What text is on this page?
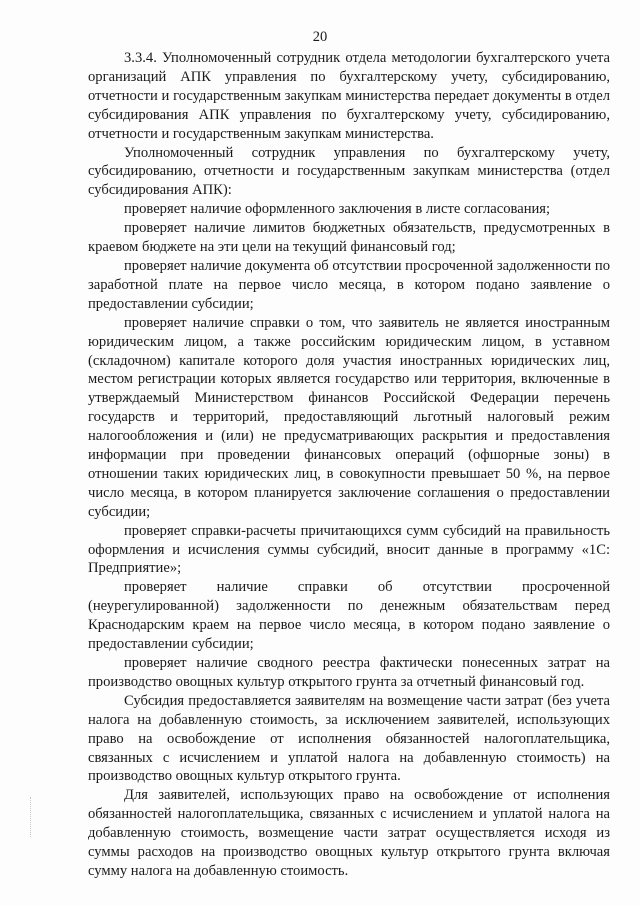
20

3.3.4. Уполномоченный сотрудник отдела методологии бухгалтерского учета организаций АПК управления по бухгалтерскому учету, субсидированию, отчетности и государственным закупкам министерства передает документы в отдел субсидирования АПК управления по бухгалтерскому учету, субсидированию, отчетности и государственным закупкам министерства.

Уполномоченный сотрудник управления по бухгалтерскому учету, субсидированию, отчетности и государственным закупкам министерства (отдел субсидирования АПК):

проверяет наличие оформленного заключения в листе согласования;

проверяет наличие лимитов бюджетных обязательств, предусмотренных в краевом бюджете на эти цели на текущий финансовый год;

проверяет наличие документа об отсутствии просроченной задолженности по заработной плате на первое число месяца, в котором подано заявление о предоставлении субсидии;

проверяет наличие справки о том, что заявитель не является иностранным юридическим лицом, а также российским юридическим лицом, в уставном (складочном) капитале которого доля участия иностранных юридических лиц, местом регистрации которых является государство или территория, включенные в утверждаемый Министерством финансов Российской Федерации перечень государств и территорий, предоставляющий льготный налоговый режим налогообложения и (или) не предусматривающих раскрытия и предоставления информации при проведении финансовых операций (офшорные зоны) в отношении таких юридических лиц, в совокупности превышает 50 %, на первое число месяца, в котором планируется заключение соглашения о предоставлении субсидии;

проверяет справки-расчеты причитающихся сумм субсидий на правильность оформления и исчисления суммы субсидий, вносит данные в программу «1С: Предприятие»;

проверяет наличие справки об отсутствии просроченной (неурегулированной) задолженности по денежным обязательствам перед Краснодарским краем на первое число месяца, в котором подано заявление о предоставлении субсидии;

проверяет наличие сводного реестра фактически понесенных затрат на производство овощных культур открытого грунта за отчетный финансовый год.

Субсидия предоставляется заявителям на возмещение части затрат (без учета налога на добавленную стоимость, за исключением заявителей, использующих право на освобождение от исполнения обязанностей налогоплательщика, связанных с исчислением и уплатой налога на добавленную стоимость) на производство овощных культур открытого грунта.

Для заявителей, использующих право на освобождение от исполнения обязанностей налогоплательщика, связанных с исчислением и уплатой налога на добавленную стоимость, возмещение части затрат осуществляется исходя из суммы расходов на производство овощных культур открытого грунта включая сумму налога на добавленную стоимость.
